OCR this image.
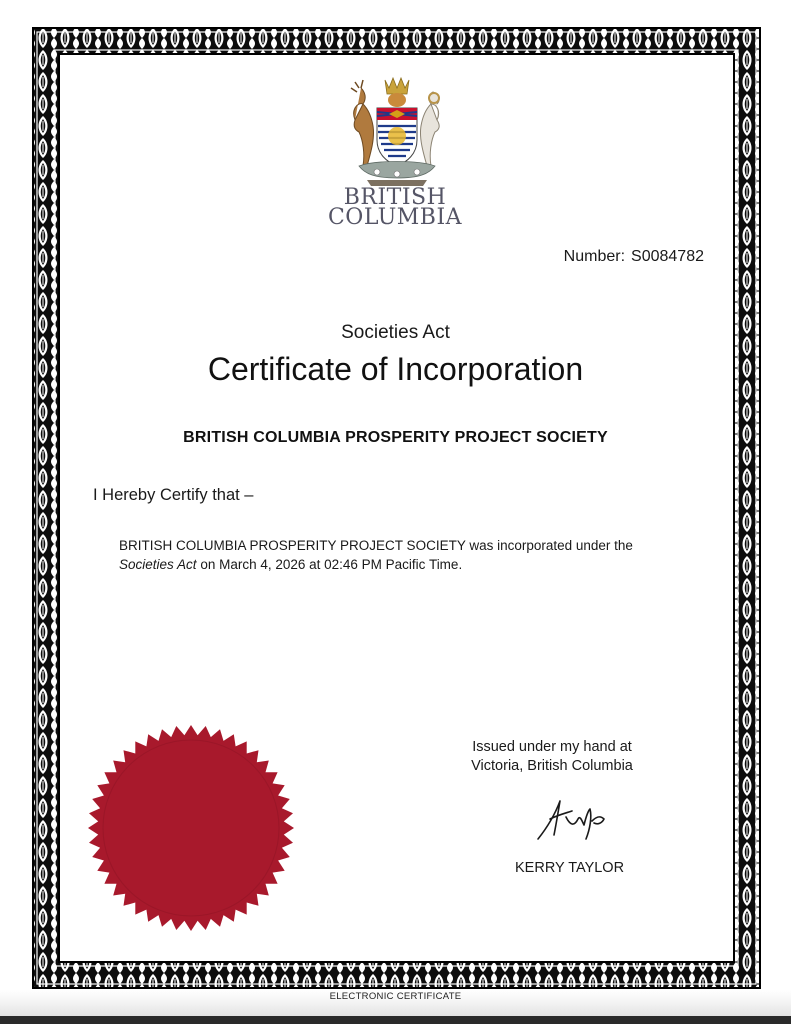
BRITISH
COLUMBIA
Number: S0084782
Societies Act
Certificate of Incorporation
BRITISH COLUMBIA PROSPERITY PROJECT SOCIETY
I Hereby Certify that –
BRITISH COLUMBIA PROSPERITY PROJECT SOCIETY was incorporated under the
Societies Act on March 4, 2026 at 02:46 PM Pacific Time.
Issued under my hand at
Victoria, British Columbia
KERRY TAYLOR
ELECTRONIC CERTIFICATE
